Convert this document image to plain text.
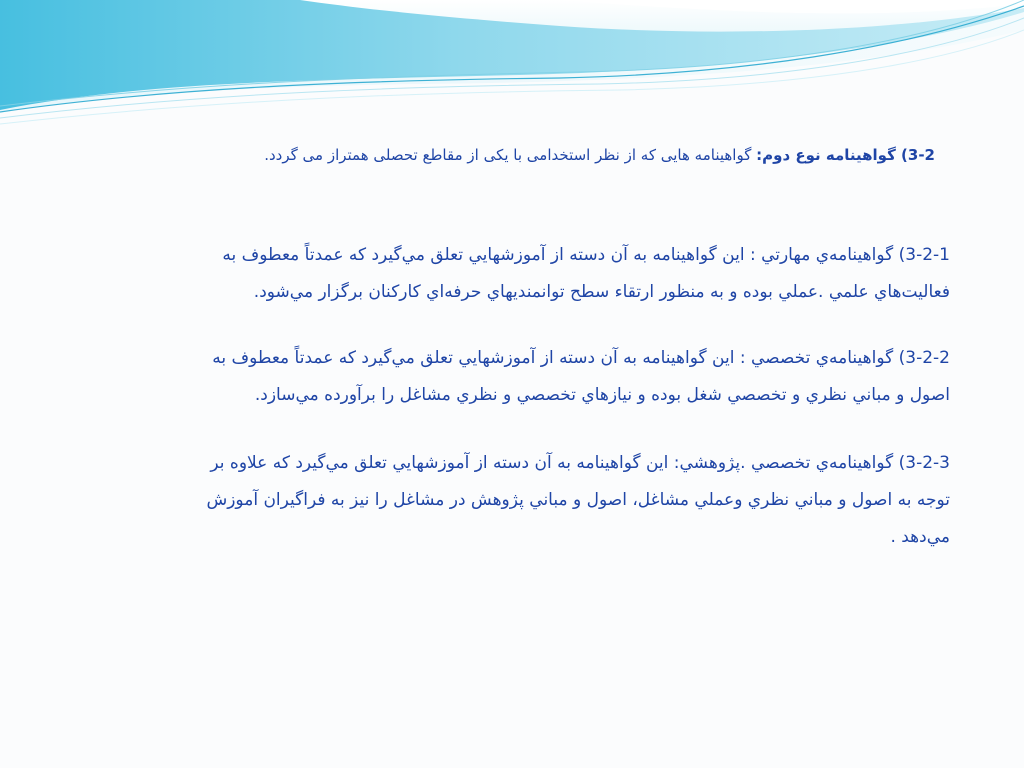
3-2) گواهینامه نوع دوم: گواهینامه هایی که از نظر استخدامی با یکی از مقاطع تحصلی همتراز می گردد.
3-2-1) گواهينامه‌ي مهارتي : اين گواهينامه به آن دسته از آموزشهايي تعلق مي‌گيرد كه عمدتاً معطوف به
فعاليت‌هاي علمي .عملي بوده و به منظور ارتقاء سطح توانمنديهاي حرفه‌اي كاركنان برگزار مي‌شود.
3-2-2) گواهينامه‌ي تخصصي : اين گواهينامه به آن دسته از آموزشهايي تعلق مي‌گيرد كه عمدتاً معطوف به
اصول و مباني نظري و تخصصي شغل بوده و نيازهاي تخصصي و نظري مشاغل را برآورده مي‌سازد.
3-2-3) گواهينامه‌ي تخصصي .پژوهشي: اين گواهينامه به آن دسته از آموزشهايي تعلق مي‌گيرد كه علاوه بر
توجه به اصول و مباني نظري وعملي مشاغل، اصول و مباني پژوهش در مشاغل را نيز به فراگيران آموزش
مي‌دهد .
